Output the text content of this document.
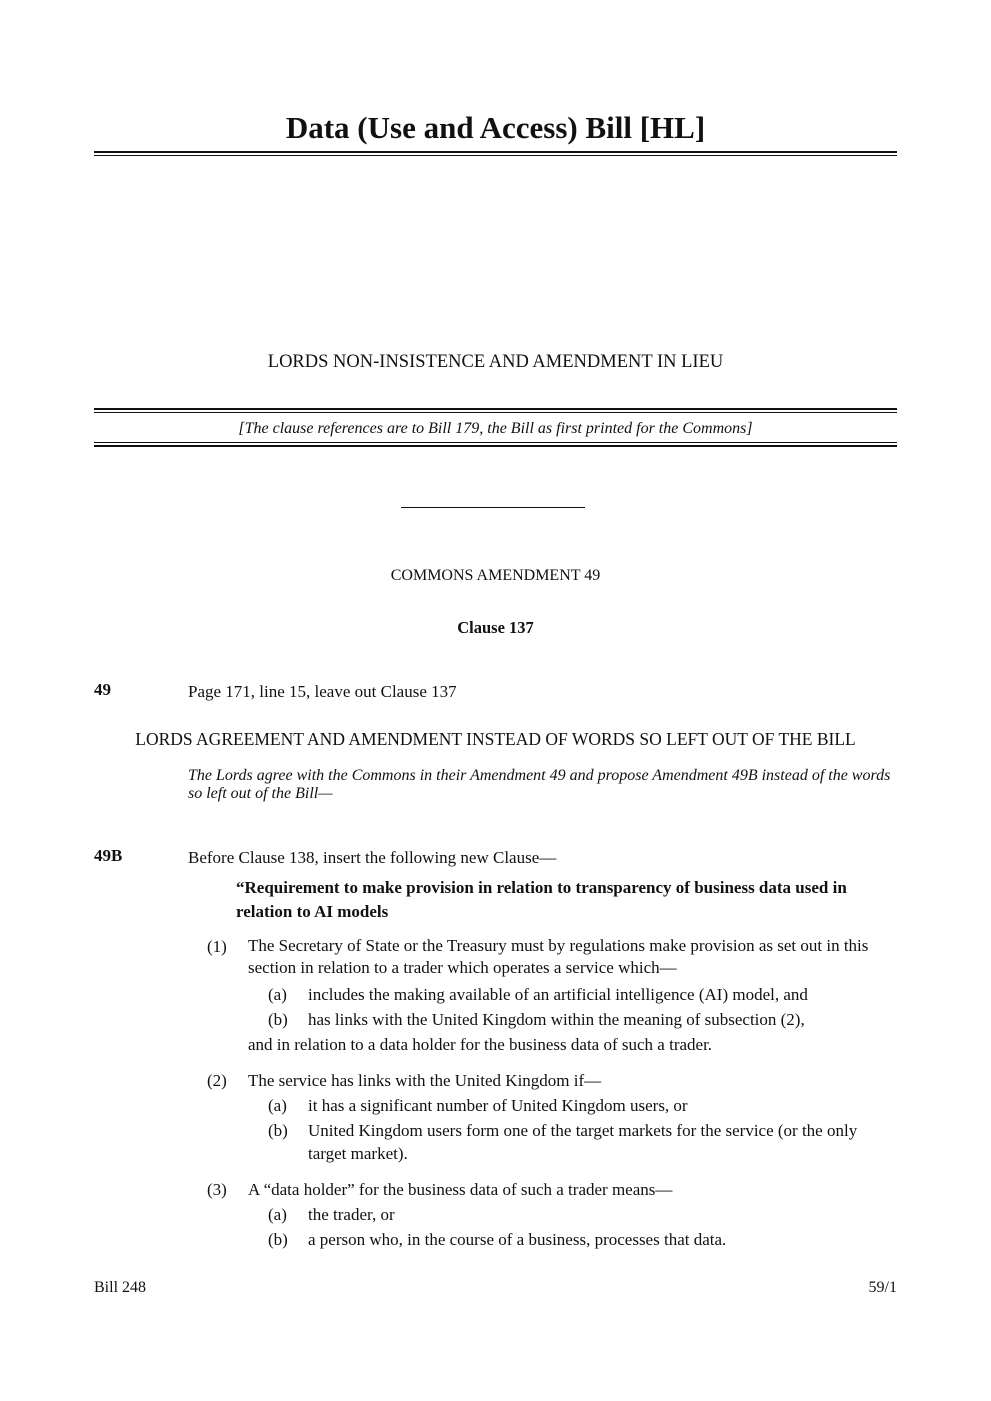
Data (Use and Access) Bill [HL]
LORDS NON-INSISTENCE AND AMENDMENT IN LIEU
[The clause references are to Bill 179, the Bill as first printed for the Commons]
COMMONS AMENDMENT 49
Clause 137
49	Page 171, line 15, leave out Clause 137
LORDS AGREEMENT AND AMENDMENT INSTEAD OF WORDS SO LEFT OUT OF THE BILL
The Lords agree with the Commons in their Amendment 49 and propose Amendment 49B instead of the words so left out of the Bill—
49B	Before Clause 138, insert the following new Clause—
“Requirement to make provision in relation to transparency of business data used in relation to AI models
(1) The Secretary of State or the Treasury must by regulations make provision as set out in this section in relation to a trader which operates a service which—
(a) includes the making available of an artificial intelligence (AI) model, and
(b) has links with the United Kingdom within the meaning of subsection (2),
and in relation to a data holder for the business data of such a trader.
(2) The service has links with the United Kingdom if—
(a) it has a significant number of United Kingdom users, or
(b) United Kingdom users form one of the target markets for the service (or the only target market).
(3) A “data holder” for the business data of such a trader means—
(a) the trader, or
(b) a person who, in the course of a business, processes that data.
Bill 248	59/1
